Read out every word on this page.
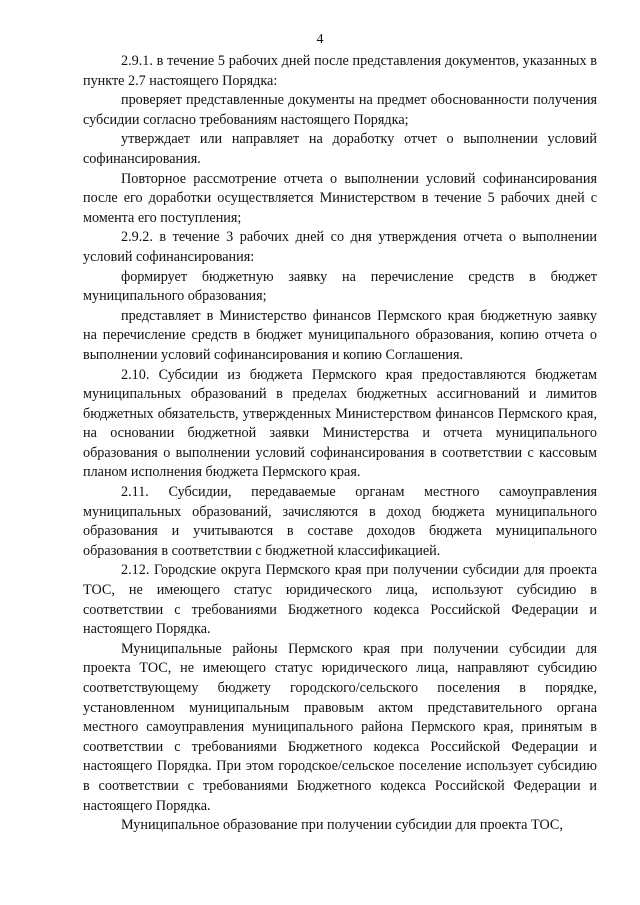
4

2.9.1. в течение 5 рабочих дней после представления документов, указанных в пункте 2.7 настоящего Порядка:

проверяет представленные документы на предмет обоснованности получения субсидии согласно требованиям настоящего Порядка;

утверждает или направляет на доработку отчет о выполнении условий софинансирования.

Повторное рассмотрение отчета о выполнении условий софинансирования после его доработки осуществляется Министерством в течение 5 рабочих дней с момента его поступления;

2.9.2. в течение 3 рабочих дней со дня утверждения отчета о выполнении условий софинансирования:

формирует бюджетную заявку на перечисление средств в бюджет муниципального образования;

представляет в Министерство финансов Пермского края бюджетную заявку на перечисление средств в бюджет муниципального образования, копию отчета о выполнении условий софинансирования и копию Соглашения.

2.10. Субсидии из бюджета Пермского края предоставляются бюджетам муниципальных образований в пределах бюджетных ассигнований и лимитов бюджетных обязательств, утвержденных Министерством финансов Пермского края, на основании бюджетной заявки Министерства и отчета муниципального образования о выполнении условий софинансирования в соответствии с кассовым планом исполнения бюджета Пермского края.

2.11. Субсидии, передаваемые органам местного самоуправления муниципальных образований, зачисляются в доход бюджета муниципального образования и учитываются в составе доходов бюджета муниципального образования в соответствии с бюджетной классификацией.

2.12. Городские округа Пермского края при получении субсидии для проекта ТОС, не имеющего статус юридического лица, используют субсидию в соответствии с требованиями Бюджетного кодекса Российской Федерации и настоящего Порядка.

Муниципальные районы Пермского края при получении субсидии для проекта ТОС, не имеющего статус юридического лица, направляют субсидию соответствующему бюджету городского/сельского поселения в порядке, установленном муниципальным правовым актом представительного органа местного самоуправления муниципального района Пермского края, принятым в соответствии с требованиями Бюджетного кодекса Российской Федерации и настоящего Порядка. При этом городское/сельское поселение использует субсидию в соответствии с требованиями Бюджетного кодекса Российской Федерации и настоящего Порядка.

Муниципальное образование при получении субсидии для проекта ТОС,
